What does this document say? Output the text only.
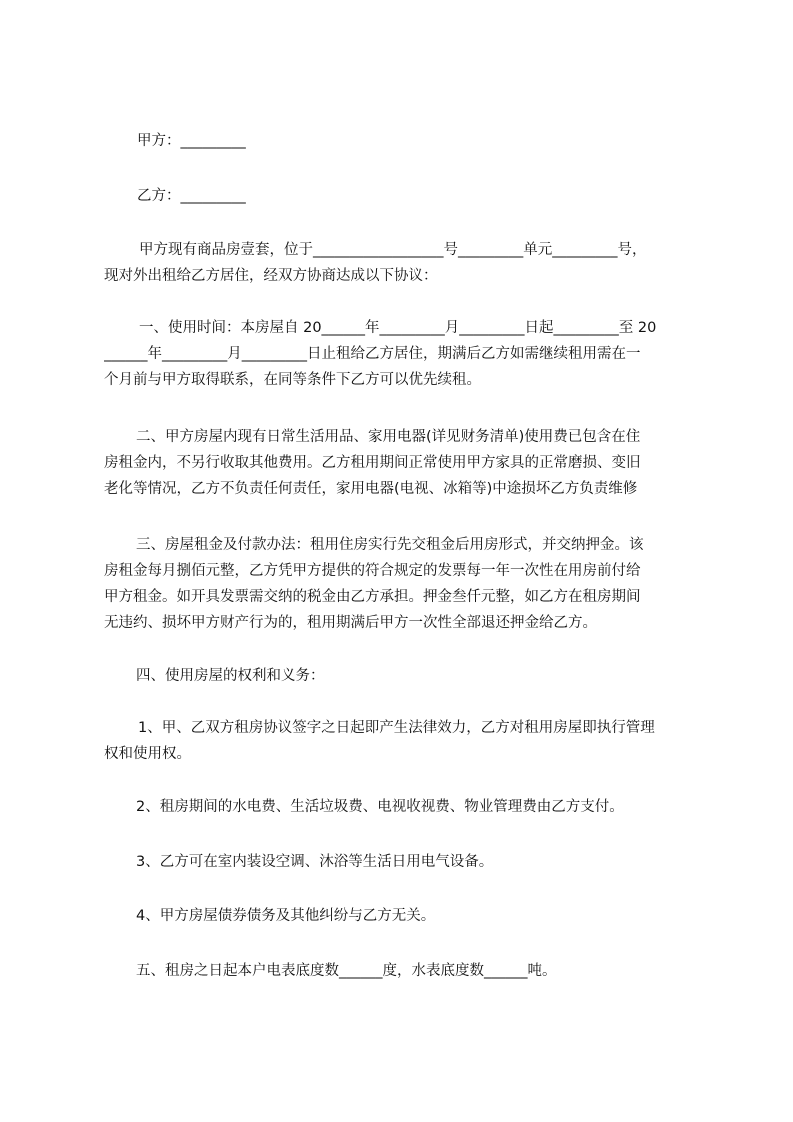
甲方：_________
乙方：_________
甲方现有商品房壹套，位于__________________号_________单元_________号，
现对外出租给乙方居住，经双方协商达成以下协议：
一、使用时间：本房屋自 20______年_________月_________日起_________至 20
______年_________月_________日止租给乙方居住，期满后乙方如需继续租用需在一
个月前与甲方取得联系，在同等条件下乙方可以优先续租。
二、甲方房屋内现有日常生活用品、家用电器(详见财务清单)使用费已包含在住
房租金内，不另行收取其他费用。乙方租用期间正常使用甲方家具的正常磨损、变旧
老化等情况，乙方不负责任何责任，家用电器(电视、冰箱等)中途损坏乙方负责维修
三、房屋租金及付款办法：租用住房实行先交租金后用房形式，并交纳押金。该
房租金每月捌佰元整，乙方凭甲方提供的符合规定的发票每一年一次性在用房前付给
甲方租金。如开具发票需交纳的税金由乙方承担。押金叁仟元整，如乙方在租房期间
无违约、损坏甲方财产行为的，租用期满后甲方一次性全部退还押金给乙方。
四、使用房屋的权利和义务：
1、甲、乙双方租房协议签字之日起即产生法律效力，乙方对租用房屋即执行管理
权和使用权。
2、租房期间的水电费、生活垃圾费、电视收视费、物业管理费由乙方支付。
3、乙方可在室内装设空调、沐浴等生活日用电气设备。
4、甲方房屋债券债务及其他纠纷与乙方无关。
五、租房之日起本户电表底度数______度，水表底度数______吨。
